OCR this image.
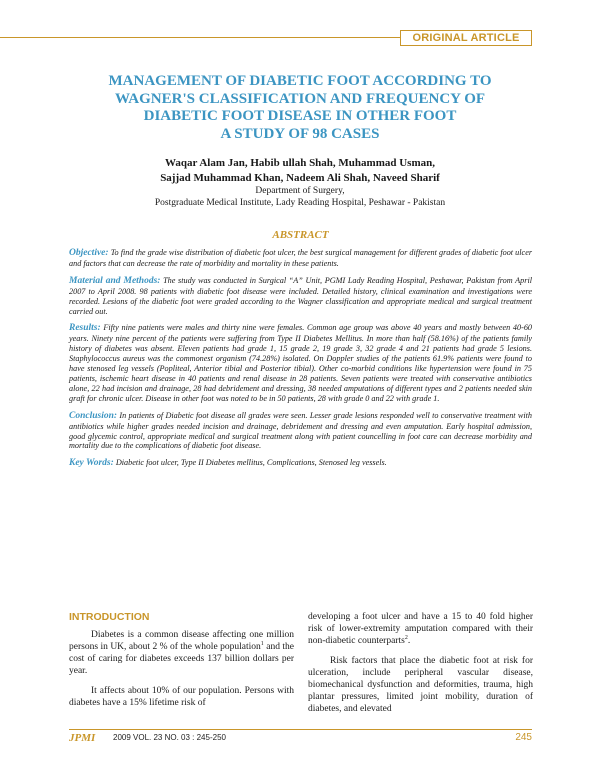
ORIGINAL ARTICLE
MANAGEMENT OF DIABETIC FOOT ACCORDING TO
WAGNER'S CLASSIFICATION AND FREQUENCY OF
DIABETIC FOOT DISEASE IN OTHER FOOT
A STUDY OF 98 CASES
Waqar Alam Jan, Habib ullah Shah, Muhammad Usman,
Sajjad Muhammad Khan, Nadeem Ali Shah, Naveed Sharif
Department of Surgery,
Postgraduate Medical Institute, Lady Reading Hospital, Peshawar - Pakistan
ABSTRACT

Objective: To find the grade wise distribution of diabetic foot ulcer, the best surgical management for different grades of diabetic foot ulcer and factors that can decrease the rate of morbidity and mortality in these patients.

Material and Methods: The study was conducted in Surgical “A” Unit, PGMI Lady Reading Hospital, Peshawar, Pakistan from April 2007 to April 2008. 98 patients with diabetic foot disease were included. Detailed history, clinical examination and investigations were recorded. Lesions of the diabetic foot were graded according to the Wagner classification and appropriate medical and surgical treatment carried out.

Results: Fifty nine patients were males and thirty nine were females. Common age group was above 40 years and mostly between 40-60 years. Ninety nine percent of the patients were suffering from Type II Diabetes Mellitus. In more than half (58.16%) of the patients family history of diabetes was absent. Eleven patients had grade 1, 15 grade 2, 19 grade 3, 32 grade 4 and 21 patients had grade 5 lesions. Staphylococcus aureus was the commonest organism (74.28%) isolated. On Doppler studies of the patients 61.9% patients were found to have stenosed leg vessels (Popliteal, Anterior tibial and Posterior tibial). Other co-morbid conditions like hypertension were found in 75 patients, ischemic heart disease in 40 patients and renal disease in 28 patients. Seven patients were treated with conservative antibiotics alone, 22 had incision and drainage, 28 had debridement and dressing, 38 needed amputations of different types and 2 patients needed skin graft for chronic ulcer. Disease in other foot was noted to be in 50 patients, 28 with grade 0 and 22 with grade 1.

Conclusion: In patients of Diabetic foot disease all grades were seen. Lesser grade lesions responded well to conservative treatment with antibiotics while higher grades needed incision and drainage, debridement and dressing and even amputation. Early hospital admission, good glycemic control, appropriate medical and surgical treatment along with patient councelling in foot care can decrease morbidity and mortality due to the complications of diabetic foot disease.

Key Words: Diabetic foot ulcer, Type II Diabetes mellitus, Complications, Stenosed leg vessels.

INTRODUCTION

Diabetes is a common disease affecting one million persons in UK, about 2 % of the whole population$^1$ and the cost of caring for diabetes exceeds 137 billion dollars per year.

It affects about 10% of our population. Persons with diabetes have a 15% lifetime risk of

developing a foot ulcer and have a 15 to 40 fold higher risk of lower-extremity amputation compared with their non-diabetic counterparts$^2$.

Risk factors that place the diabetic foot at risk for ulceration, include peripheral vascular disease, biomechanical dysfunction and deformities, trauma, high plantar pressures, limited joint mobility, duration of diabetes, and elevated

JPMI 2009 VOL. 23 NO. 03 : 245-250	245
